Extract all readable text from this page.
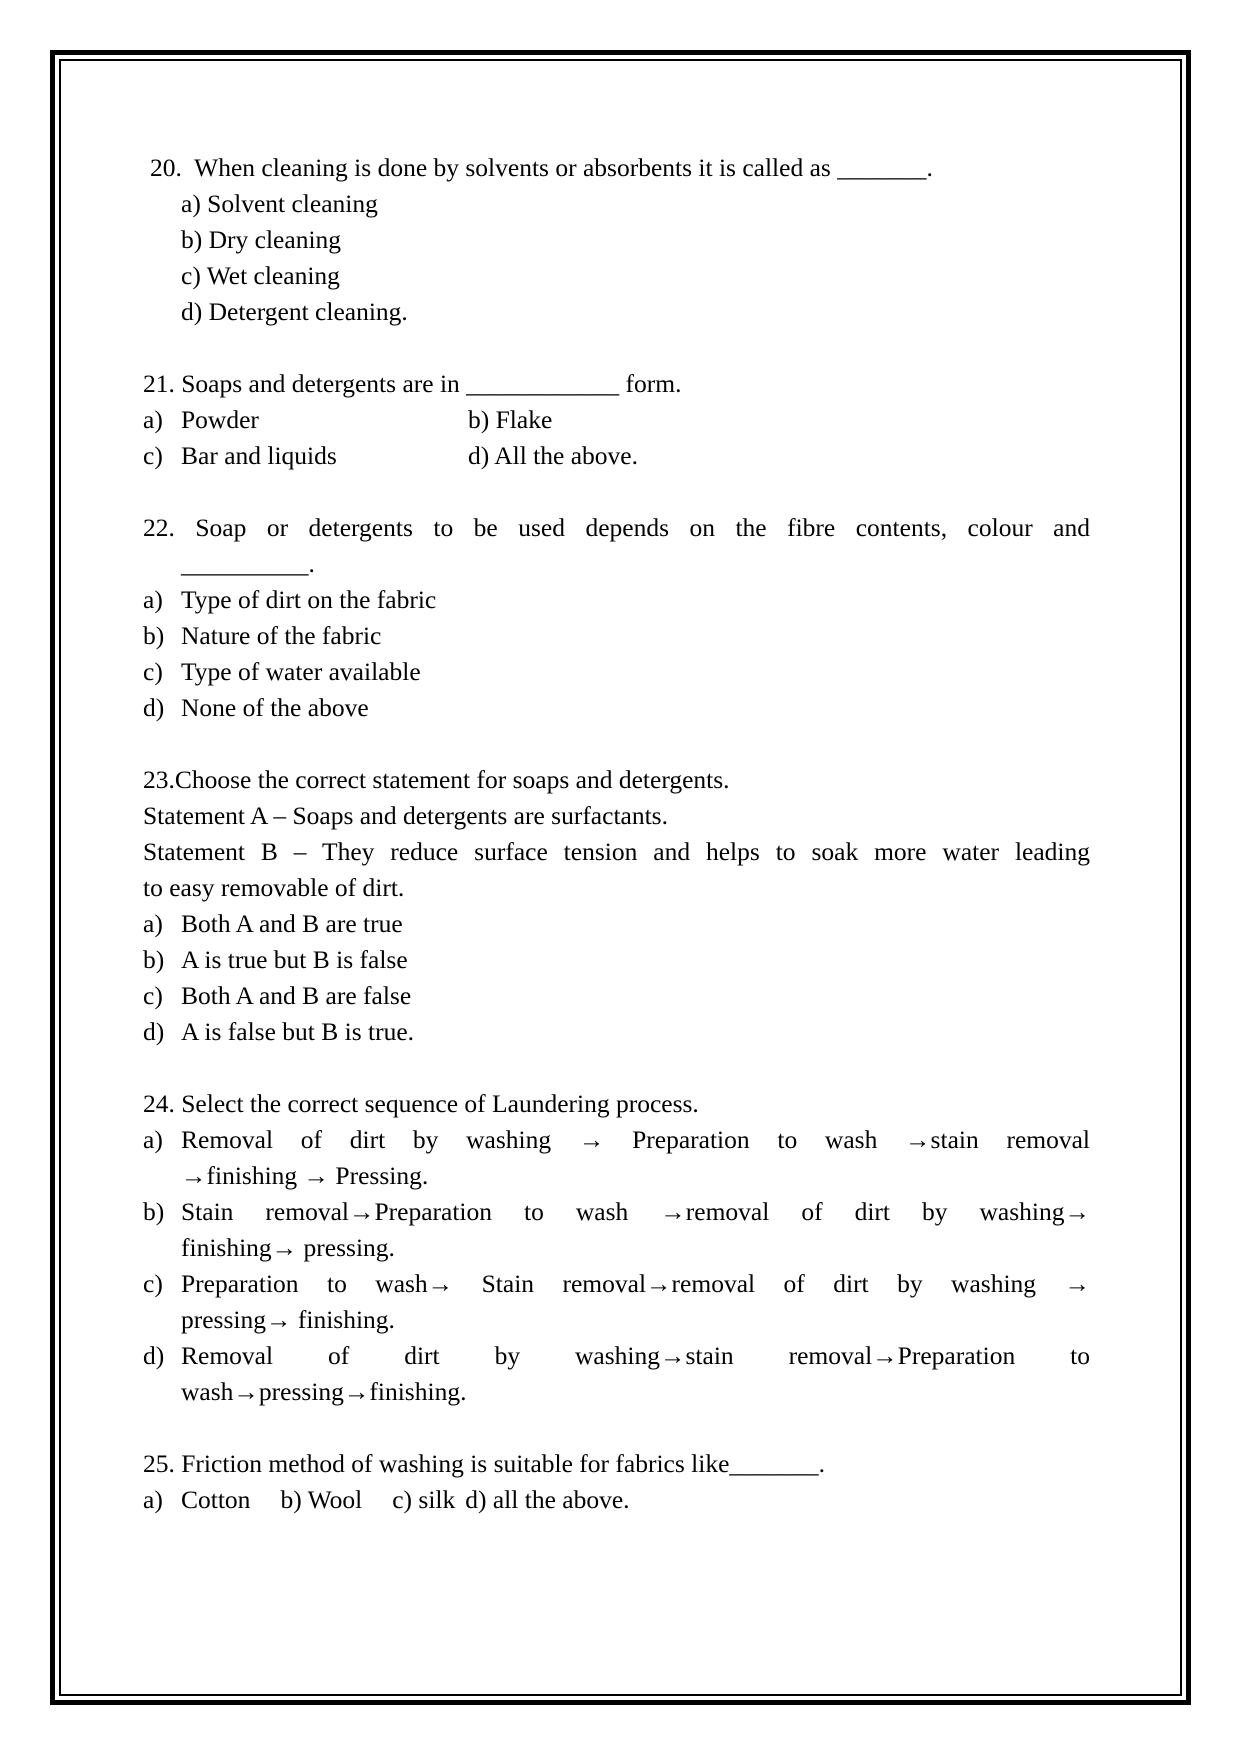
20. When cleaning is done by solvents or absorbents it is called as _______.

a) Solvent cleaning

b) Dry cleaning

c) Wet cleaning

d) Detergent cleaning.

21. Soaps and detergents are in ____________ form.

a) Powder	b) Flake
c) Bar and liquids	d) All the above.

22. Soap or detergents to be used depends on the fibre contents, colour and

__________.

a) Type of dirt on the fabric
b) Nature of the fabric
c) Type of water available
d) None of the above

23.Choose the correct statement for soaps and detergents.

Statement A – Soaps and detergents are surfactants.

Statement B – They reduce surface tension and helps to soak more water leading

to easy removable of dirt.

a) Both A and B are true
b) A is true but B is false
c) Both A and B are false
d) A is false but B is true.

24. Select the correct sequence of Laundering process.

a) Removal of dirt by washing → Preparation to wash →stain removal
→finishing → Pressing.
b) Stain removal→Preparation to wash →removal of dirt by washing→
finishing→ pressing.
c) Preparation to wash→ Stain removal→removal of dirt by washing →
pressing→ finishing.
d) Removal of dirt by washing→stain removal→Preparation to
wash→pressing→finishing.

25. Friction method of washing is suitable for fabrics like_______.

a) Cotton b) Wool c) silk d) all the above.
